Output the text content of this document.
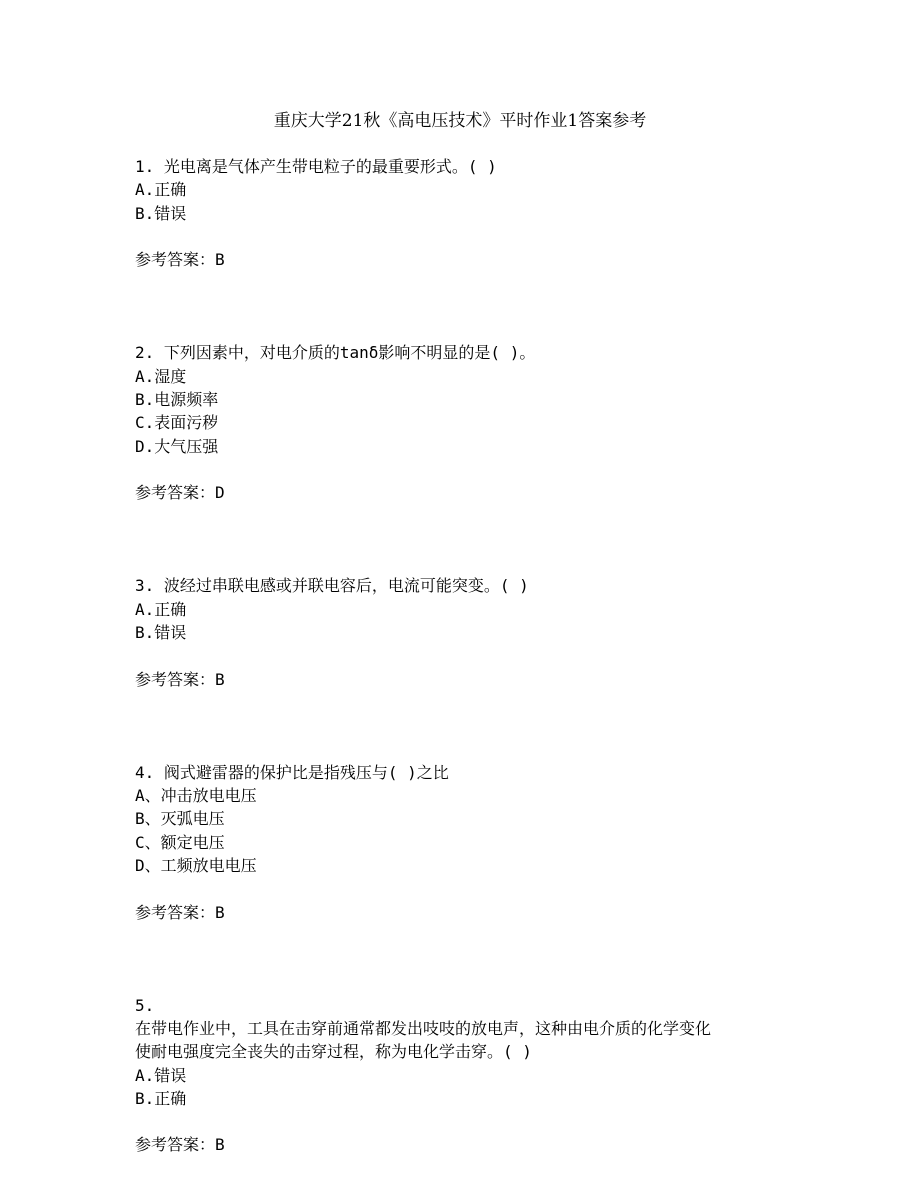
重庆大学21秋《高电压技术》平时作业1答案参考
1. 光电离是气体产生带电粒子的最重要形式。( )
A.正确
B.错误
参考答案：B
2. 下列因素中，对电介质的tanδ影响不明显的是( )。
A.湿度
B.电源频率
C.表面污秽
D.大气压强
参考答案：D
3. 波经过串联电感或并联电容后，电流可能突变。( )
A.正确
B.错误
参考答案：B
4. 阀式避雷器的保护比是指残压与( )之比
A、冲击放电电压
B、灭弧电压
C、额定电压
D、工频放电电压
参考答案：B
5.
在带电作业中，工具在击穿前通常都发出吱吱的放电声，这种由电介质的化学变化
使耐电强度完全丧失的击穿过程，称为电化学击穿。( )
A.错误
B.正确
参考答案：B
